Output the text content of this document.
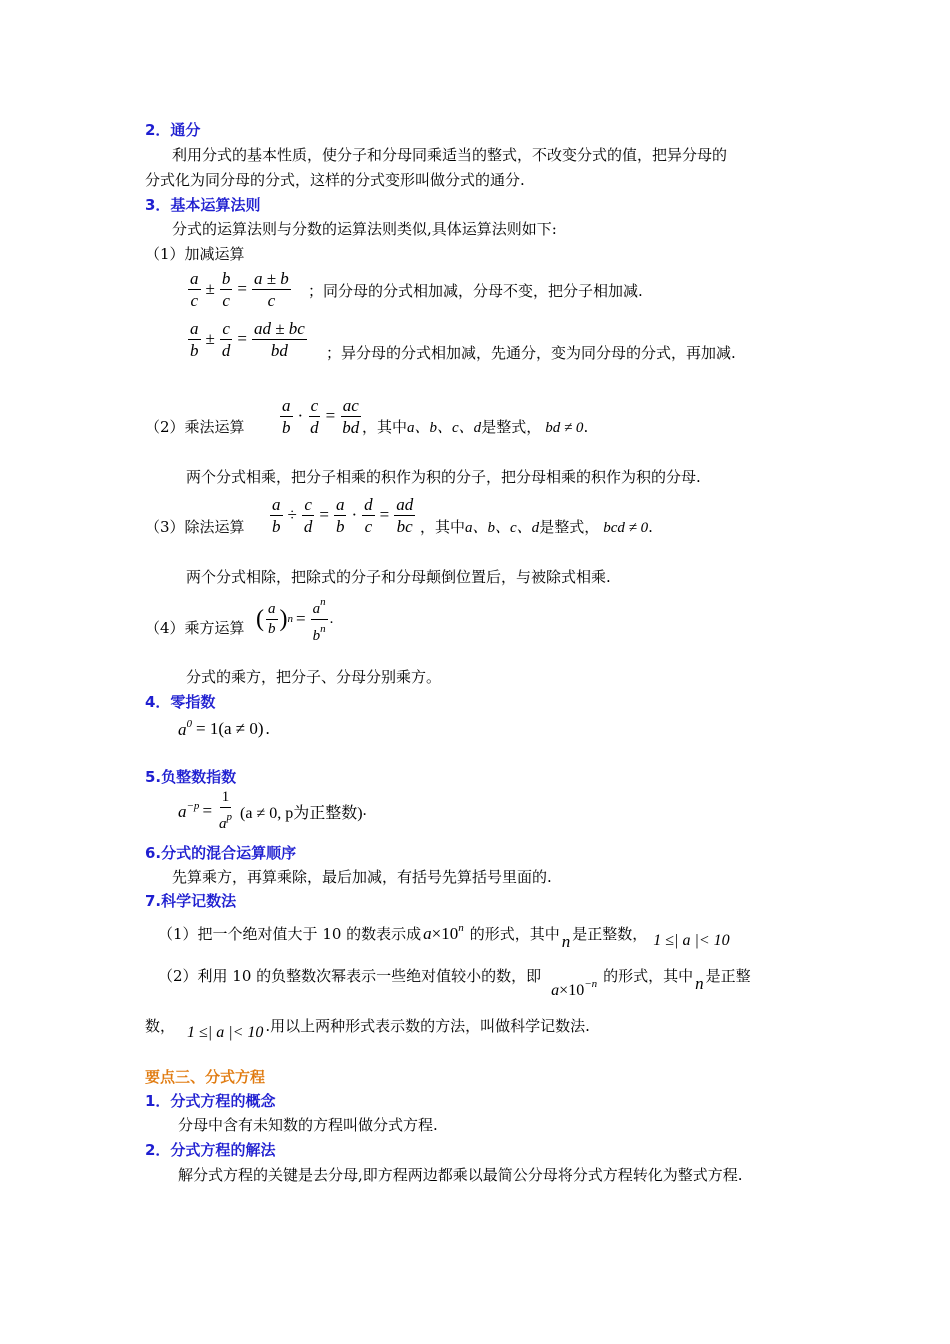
2．通分
利用分式的基本性质，使分子和分母同乘适当的整式，不改变分式的值，把异分母的
分式化为同分母的分式，这样的分式变形叫做分式的通分.
3．基本运算法则
分式的运算法则与分数的运算法则类似,具体运算法则如下:
（1）加减运算
$\frac{a}{c} \pm \frac{b}{c} = \frac{a \pm b}{c}$ ；同分母的分式相加减，分母不变，把分子相加减.
$\frac{a}{b} \pm \frac{c}{d} = \frac{ad \pm bc}{bd}$ ；异分母的分式相加减，先通分，变为同分母的分式，再加减.
（2）乘法运算 $\frac{a}{b} \cdot \frac{c}{d} = \frac{ac}{bd}$ ，其中a、b、c、d是整式， bd ≠ 0.
两个分式相乘，把分子相乘的积作为积的分子，把分母相乘的积作为积的分母.
（3）除法运算 $\frac{a}{b} \div \frac{c}{d} = \frac{a}{b} \cdot \frac{d}{c} = \frac{ad}{bc}$ ，其中a、b、c、d是整式， bcd ≠ 0.
两个分式相除，把除式的分子和分母颠倒位置后，与被除式相乘.
（4）乘方运算 ( $\frac{a}{b}$ ) $n = \frac{a^n}{b^n}$ .
分式的乘方，把分子、分母分别乘方。
4．零指数
$a^0 = 1(a \ne 0)$ .
5.负整数指数
$a^{-p} = \frac{1}{a^p} (a \ne 0$, p为正整数) .
6.分式的混合运算顺序
先算乘方，再算乘除，最后加减，有括号先算括号里面的.
7.科学记数法
（1）把一个绝对值大于 10 的数表示成 $a\times 10^n$ 的形式，其中 n 是正整数， 1 ≤| a |< 10
（2）利用 10 的负整数次幂表示一些绝对值较小的数，即$a\times 10^{-n}$ 的形式，其中 n 是正整
数， 1 ≤| a |< 10 .用以上两种形式表示数的方法，叫做科学记数法.
要点三、分式方程
1．分式方程的概念
分母中含有未知数的方程叫做分式方程.
2．分式方程的解法
解分式方程的关键是去分母,即方程两边都乘以最简公分母将分式方程转化为整式方程.
